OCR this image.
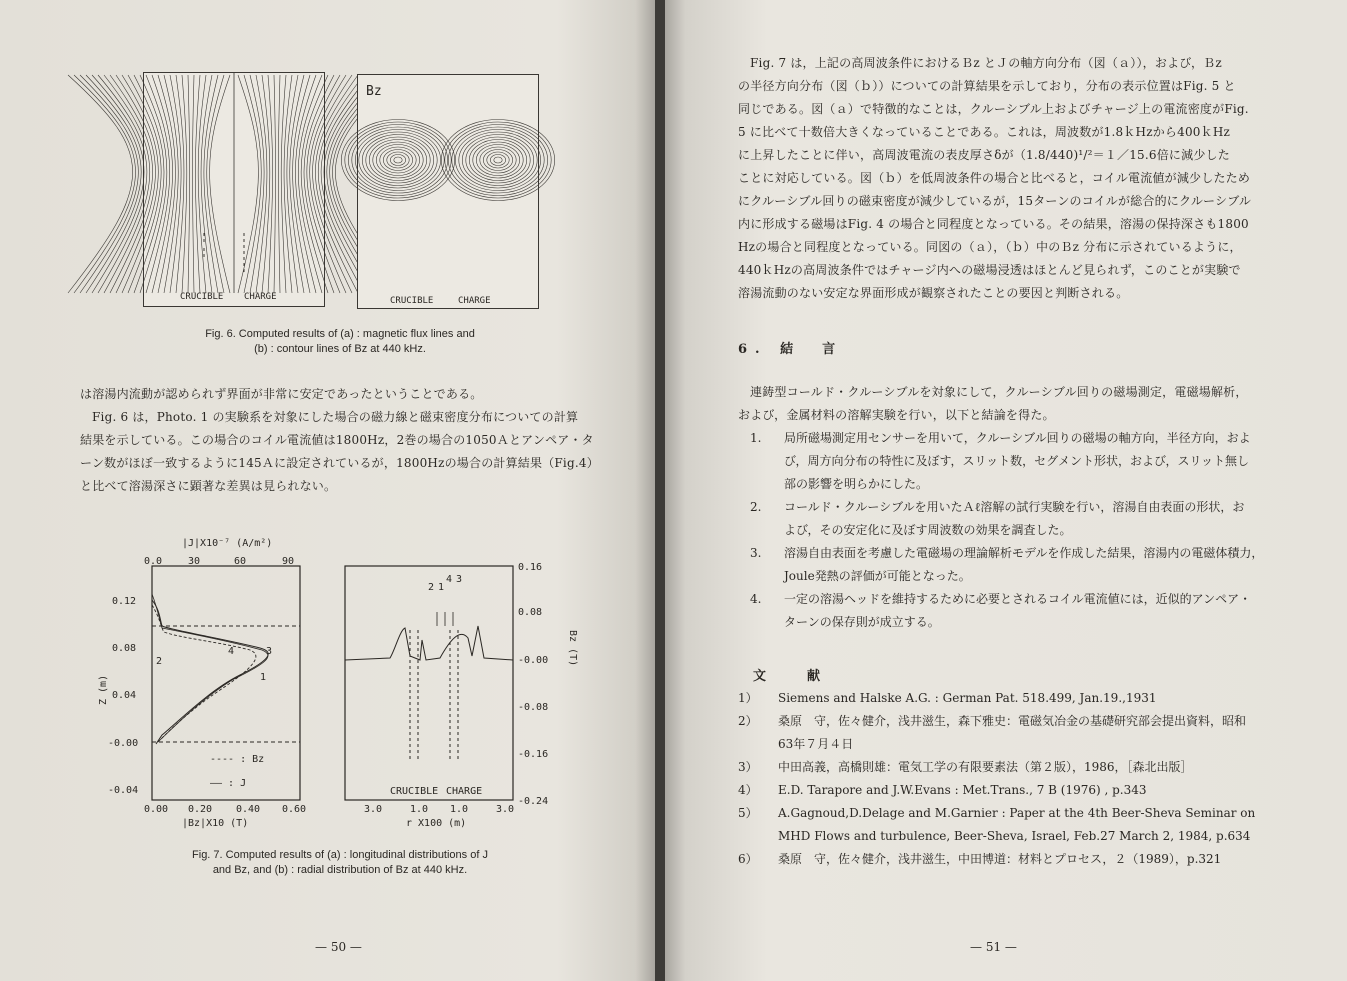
CRUCIBLE CHARGE
Bz
CRUCIBLE	CHARGE
Fig. 6. Computed results of (a) : magnetic flux lines and
(b) : contour lines of Bz at 440 kHz.

は溶湯内流動が認められず界面が非常に安定であったということである。

Fig. 6 は，Photo. 1 の実験系を対象にした場合の磁力線と磁束密度分布についての計算

結果を示している。この場合のコイル電流値は1800Hz，2巻の場合の1050Ａとアンペア・タ

ーン数がほぼ一致するように145Ａに設定されているが，1800Hzの場合の計算結果（Fig.4）

と比べて溶湯深さに顕著な差異は見られない。

|J|X10⁻⁷ (A/m²)
0.0	30	60	90
0.12
0.08
0.04
-0.00
-0.04
Z (m)	1
2
3
4
---- : Bz
—— : J
0.00 0.20 0.40 0.60
|Bz|X10 (T)
2 1
4 3
0.16
0.08
-0.00
-0.08
-0.16
-0.24
Bz (T)
CRUCIBLE CHARGE
3.0	1.0 1.0	3.0
r X100 (m)
Fig. 7. Computed results of (a) : longitudinal distributions of J
and Bz, and (b) : radial distribution of Bz at 440 kHz.
— 50 —

Fig. 7 は，上記の高周波条件におけるＢz とＪの軸方向分布（図（ａ）），および，Ｂz

の半径方向分布（図（ｂ））についての計算結果を示しており，分布の表示位置はFig. 5 と

同じである。図（ａ）で特徴的なことは，クルーシブル上およびチャージ上の電流密度がFig.

5 に比べて十数倍大きくなっていることである。これは，周波数が1.8ｋHzから400ｋHz

に上昇したことに伴い，高周波電流の表皮厚さδが（1.8/440)¹/²＝１／15.6倍に減少した

ことに対応している。図（ｂ）を低周波条件の場合と比べると，コイル電流値が減少したため

にクルーシブル回りの磁束密度が減少しているが，15ターンのコイルが総合的にクルーシブル

内に形成する磁場はFig. 4 の場合と同程度となっている。その結果，溶湯の保持深さも1800

Hzの場合と同程度となっている。同図の（ａ），（ｂ）中のＢz 分布に示されているように，

440ｋHzの高周波条件ではチャージ内への磁場浸透はほとんど見られず，このことが実験で

溶湯流動のない安定な界面形成が観察されたことの要因と判断される。

6. 結　言

連鋳型コールド・クルーシブルを対象にして，クルーシブル回りの磁場測定，電磁場解析，

および，金属材料の溶解実験を行い，以下と結論を得た。

1. 局所磁場測定用センサーを用いて，クルーシブル回りの磁場の軸方向，半径方向，およ
び，周方向分布の特性に及ぼす，スリット数，セグメント形状，および，スリット無し
部の影響を明らかにした。
2. コールド・クルーシブルを用いたＡℓ溶解の試行実験を行い，溶湯自由表面の形状，お
よび，その安定化に及ぼす周波数の効果を調査した。
3. 溶湯自由表面を考慮した電磁場の理論解析モデルを作成した結果，溶湯内の電磁体積力，
Joule発熱の評価が可能となった。
4. 一定の溶湯ヘッドを維持するために必要とされるコイル電流値には，近似的アンペア・
ターンの保存則が成立する。
文　献
1） Siemens and Halske A.G. : German Pat. 518.499, Jan.19.,1931
2） 桑原　守，佐々健介，浅井滋生，森下雅史：電磁気冶金の基礎研究部会提出資料，昭和
63年７月４日
3） 中田高義，高橋則雄：電気工学の有限要素法（第２版），1986，［森北出版］
4） E.D. Tarapore and J.W.Evans : Met.Trans., 7 B (1976) , p.343
5） A.Gagnoud,D.Delage and M.Garnier : Paper at the 4th Beer-Sheva Seminar on
MHD Flows and turbulence, Beer-Sheva, Israel, Feb.27 March 2, 1984, p.634
6） 桑原　守，佐々健介，浅井滋生，中田博道：材料とプロセス，２（1989），p.321
— 51 —
